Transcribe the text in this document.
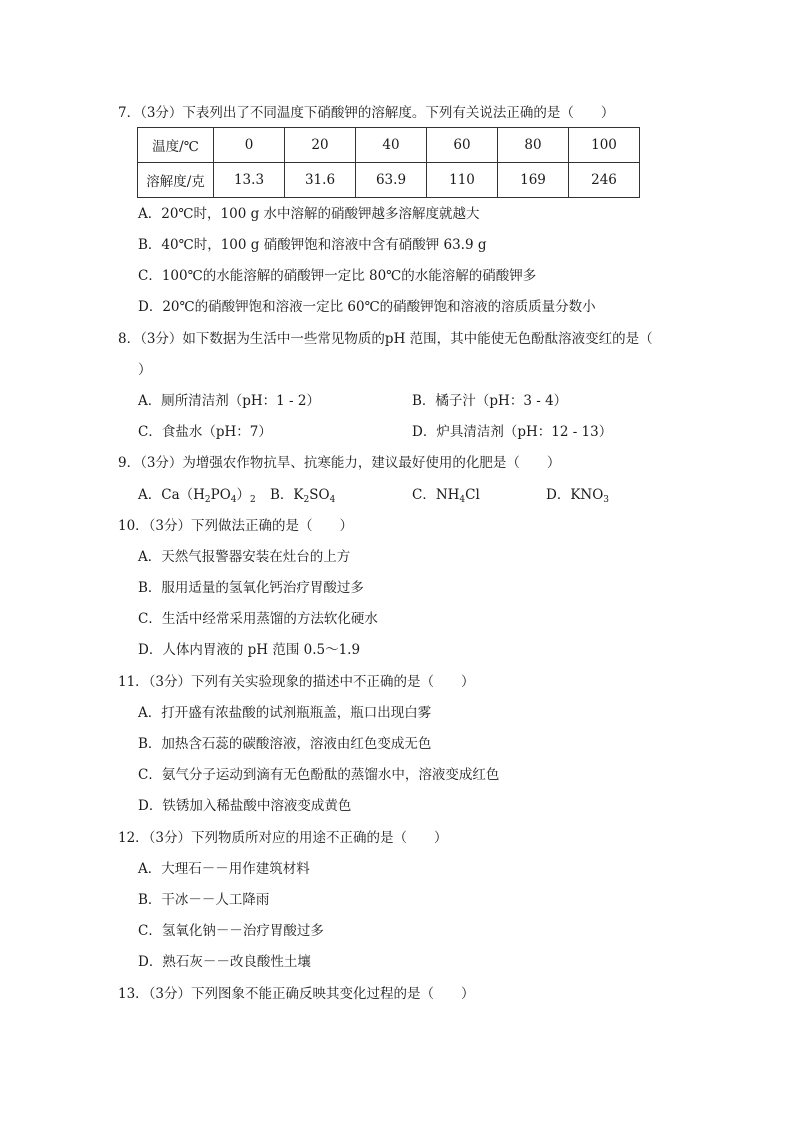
7．（3分）下表列出了不同温度下硝酸钾的溶解度。下列有关说法正确的是（　　）
温度/℃	0	20	40	60	80	100
溶解度/克	13.3	31.6	63.9	110	169	246
A．20℃时，100 g 水中溶解的硝酸钾越多溶解度就越大
B．40℃时，100 g 硝酸钾饱和溶液中含有硝酸钾 63.9 g
C．100℃的水能溶解的硝酸钾一定比 80℃的水能溶解的硝酸钾多
D．20℃的硝酸钾饱和溶液一定比 60℃的硝酸钾饱和溶液的溶质质量分数小
8．（3分）如下数据为生活中一些常见物质的pH 范围，其中能使无色酚酞溶液变红的是（
）
A．厕所清洁剂（pH：1 - 2）	B．橘子汁（pH：3 - 4）
C．食盐水（pH：7）	D．炉具清洁剂（pH：12 - 13）
9．（3分）为增强农作物抗旱、抗寒能力，建议最好使用的化肥是（　　）
A．$Ca(H_2PO_4)_2$ B．$K_2SO_4$	C．$NH_4Cl$	D．$KNO_3$
10．（3分）下列做法正确的是（　　）
A．天然气报警器安装在灶台的上方
B．服用适量的氢氧化钙治疗胃酸过多
C．生活中经常采用蒸馏的方法软化硬水
D．人体内胃液的 pH 范围 0.5～1.9
11．（3分）下列有关实验现象的描述中不正确的是（　　）
A．打开盛有浓盐酸的试剂瓶瓶盖，瓶口出现白雾
B．加热含石蕊的碳酸溶液，溶液由红色变成无色
C．氨气分子运动到滴有无色酚酞的蒸馏水中，溶液变成红色
D．铁锈加入稀盐酸中溶液变成黄色
12．（3分）下列物质所对应的用途不正确的是（　　）
A．大理石－－用作建筑材料
B．干冰－－人工降雨
C．氢氧化钠－－治疗胃酸过多
D．熟石灰－－改良酸性土壤
13．（3分）下列图象不能正确反映其变化过程的是（　　）
